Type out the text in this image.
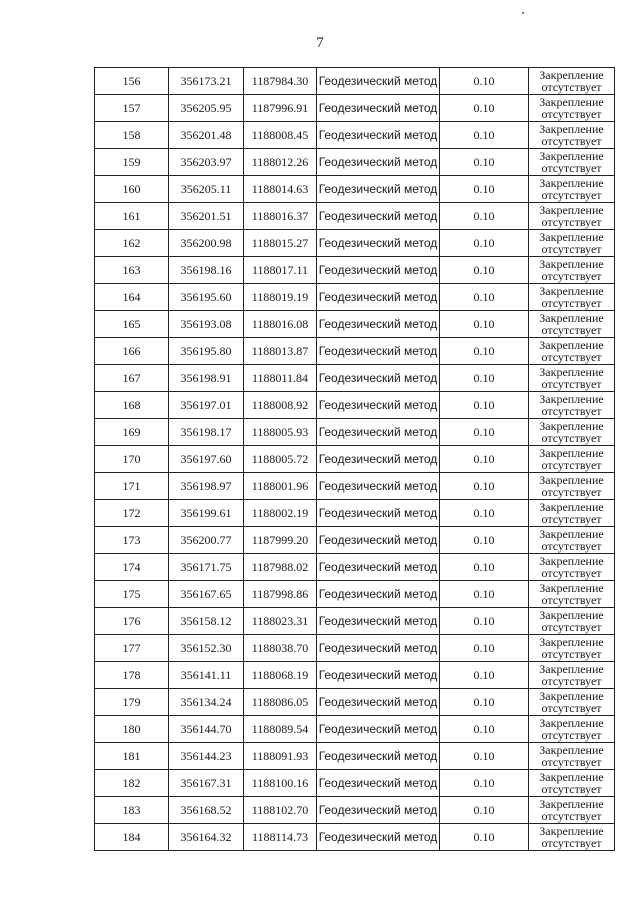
7
156	356173.21	1187984.30	Геодезический метод	0.10	Закрепление
отсутствует

157	356205.95	1187996.91	Геодезический метод	0.10	Закрепление
отсутствует

158	356201.48	1188008.45	Геодезический метод	0.10	Закрепление
отсутствует

159	356203.97	1188012.26	Геодезический метод	0.10	Закрепление
отсутствует

160	356205.11	1188014.63	Геодезический метод	0.10	Закрепление
отсутствует

161	356201.51	1188016.37	Геодезический метод	0.10	Закрепление
отсутствует

162	356200.98	1188015.27	Геодезический метод	0.10	Закрепление
отсутствует

163	356198.16	1188017.11	Геодезический метод	0.10	Закрепление
отсутствует

164	356195.60	1188019.19	Геодезический метод	0.10	Закрепление
отсутствует

165	356193.08	1188016.08	Геодезический метод	0.10	Закрепление
отсутствует

166	356195.80	1188013.87	Геодезический метод	0.10	Закрепление
отсутствует

167	356198.91	1188011.84	Геодезический метод	0.10	Закрепление
отсутствует

168	356197.01	1188008.92	Геодезический метод	0.10	Закрепление
отсутствует

169	356198.17	1188005.93	Геодезический метод	0.10	Закрепление
отсутствует

170	356197.60	1188005.72	Геодезический метод	0.10	Закрепление
отсутствует

171	356198.97	1188001.96	Геодезический метод	0.10	Закрепление
отсутствует

172	356199.61	1188002.19	Геодезический метод	0.10	Закрепление
отсутствует

173	356200.77	1187999.20	Геодезический метод	0.10	Закрепление
отсутствует

174	356171.75	1187988.02	Геодезический метод	0.10	Закрепление
отсутствует

175	356167.65	1187998.86	Геодезический метод	0.10	Закрепление
отсутствует

176	356158.12	1188023.31	Геодезический метод	0.10	Закрепление
отсутствует

177	356152.30	1188038.70	Геодезический метод	0.10	Закрепление
отсутствует

178	356141.11	1188068.19	Геодезический метод	0.10	Закрепление
отсутствует

179	356134.24	1188086.05	Геодезический метод	0.10	Закрепление
отсутствует

180	356144.70	1188089.54	Геодезический метод	0.10	Закрепление
отсутствует

181	356144.23	1188091.93	Геодезический метод	0.10	Закрепление
отсутствует

182	356167.31	1188100.16	Геодезический метод	0.10	Закрепление
отсутствует

183	356168.52	1188102.70	Геодезический метод	0.10	Закрепление
отсутствует

184	356164.32	1188114.73	Геодезический метод	0.10	Закрепление
отсутствует
